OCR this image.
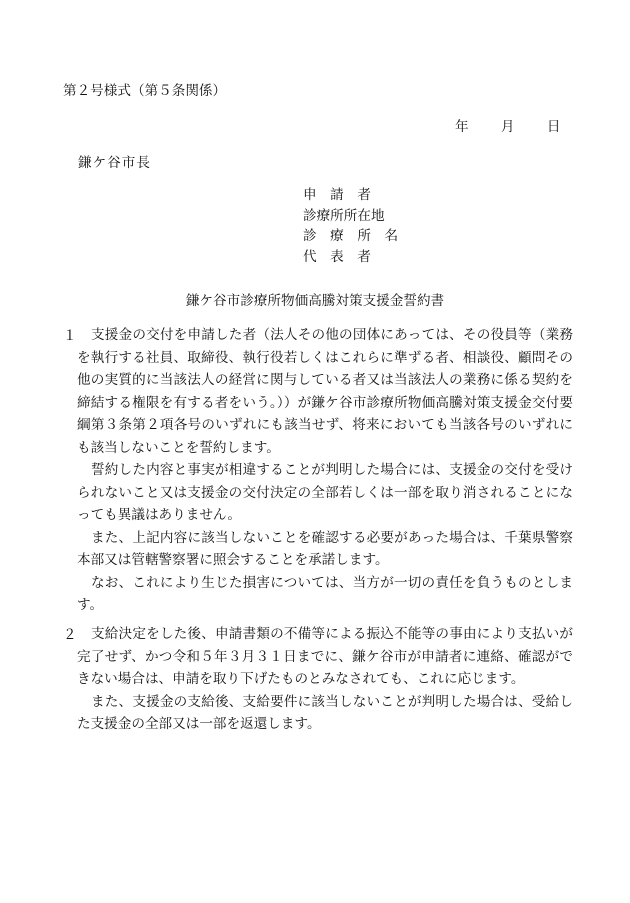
第２号様式（第５条関係）
年 月 日
鎌ケ谷市長
申　請　者
診療所所在地
診　療　所　名
代　表　者
鎌ケ谷市診療所物価高騰対策支援金誓約書
１	支援金の交付を申請した者（法人その他の団体にあっては、その役員等（業務を執行する社員、取締役、執行役若しくはこれらに準ずる者、相談役、顧問その他の実質的に当該法人の経営に関与している者又は当該法人の業務に係る契約を締結する権限を有する者をいう。））が鎌ケ谷市診療所物価高騰対策支援金交付要綱第３条第２項各号のいずれにも該当せず、将来においても当該各号のいずれにも該当しないことを誓約します。
誓約した内容と事実が相違することが判明した場合には、支援金の交付を受けられないこと又は支援金の交付決定の全部若しくは一部を取り消されることになっても異議はありません。
また、上記内容に該当しないことを確認する必要があった場合は、千葉県警察本部又は管轄警察署に照会することを承諾します。
なお、これにより生じた損害については、当方が一切の責任を負うものとします。
２	支給決定をした後、申請書類の不備等による振込不能等の事由により支払いが完了せず、かつ令和５年３月３１日までに、鎌ケ谷市が申請者に連絡、確認ができない場合は、申請を取り下げたものとみなされても、これに応じます。
また、支援金の支給後、支給要件に該当しないことが判明した場合は、受給した支援金の全部又は一部を返還します。
